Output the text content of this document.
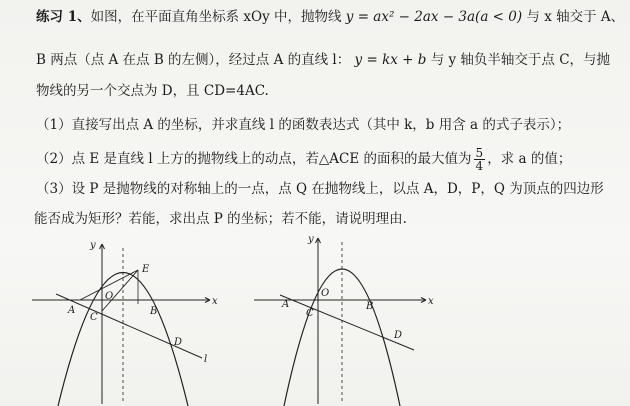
练习 1、如图，在平面直角坐标系 xOy 中，抛物线 y = ax² − 2ax − 3a(a < 0) 与 x 轴交于 A、
B 两点（点 A 在点 B 的左侧），经过点 A 的直线 l： y = kx + b 与 y 轴负半轴交于点 C，与抛
物线的另一个交点为 D，且 CD=4AC.
（1）直接写出点 A 的坐标，并求直线 l 的函数表达式（其中 k，b 用含 a 的式子表示）；
（2）点 E 是直线 l 上方的抛物线上的动点，若△ACE 的面积的最大值为 $\frac{5}{4}$ ，求 a 的值；
（3）设 P 是抛物线的对称轴上的一点，点 Q 在抛物线上，以点 A，D，P，Q 为顶点的四边形
能否成为矩形？若能，求出点 P 的坐标；若不能，请说明理由.
y
x
E
O
A
C
B
D
l
y
x
O
A
C
B
D
